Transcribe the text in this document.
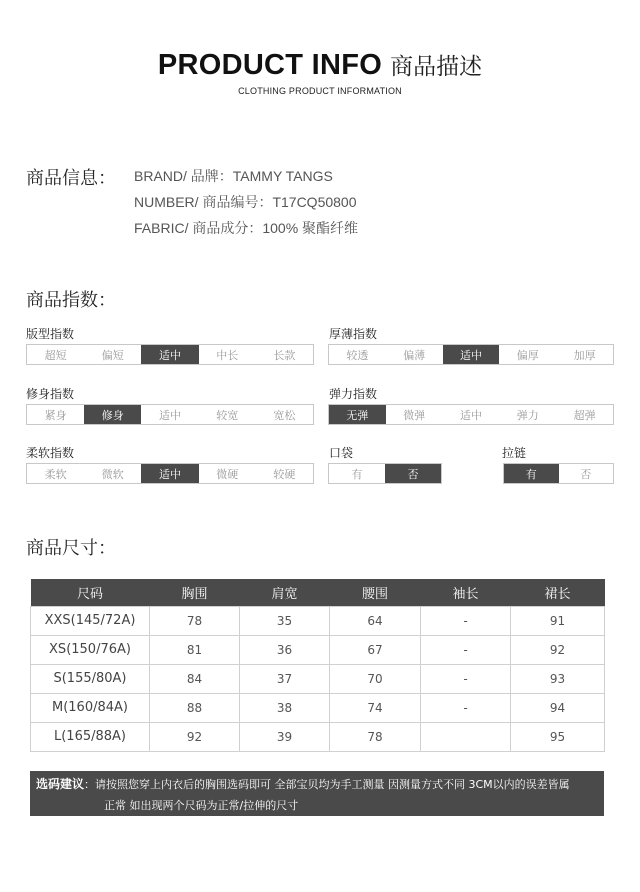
PRODUCT INFO 商品描述
CLOTHING PRODUCT INFORMATION
商品信息： BRAND/ 品牌：TAMMY TANGS
NUMBER/ 商品编号：T17CQ50800
FABRIC/ 商品成分：100% 聚酯纤维
商品指数：
版型指数
超短	偏短	适中	中长	长款
厚薄指数
较透	偏薄	适中	偏厚	加厚
修身指数
紧身	修身	适中	较宽	宽松
弹力指数
无弹	微弹	适中	弹力	超弹
柔软指数
柔软	微软	适中	微硬	较硬
口袋
有	否
拉链
有	否
商品尺寸：
尺码	胸围	肩宽	腰围	袖长	裙长
XXS(145/72A)	78	35	64	-	91
XS(150/76A)	81	36	67	-	92
S(155/80A)	84	37	70	-	93
M(160/84A)	88	38	74	-	94
L(165/88A)	92	39	78		95
选码建议：请按照您穿上内衣后的胸围选码即可 全部宝贝均为手工测量 因测量方式不同 3CM以内的误差皆属
正常 如出现两个尺码为正常/拉伸的尺寸
